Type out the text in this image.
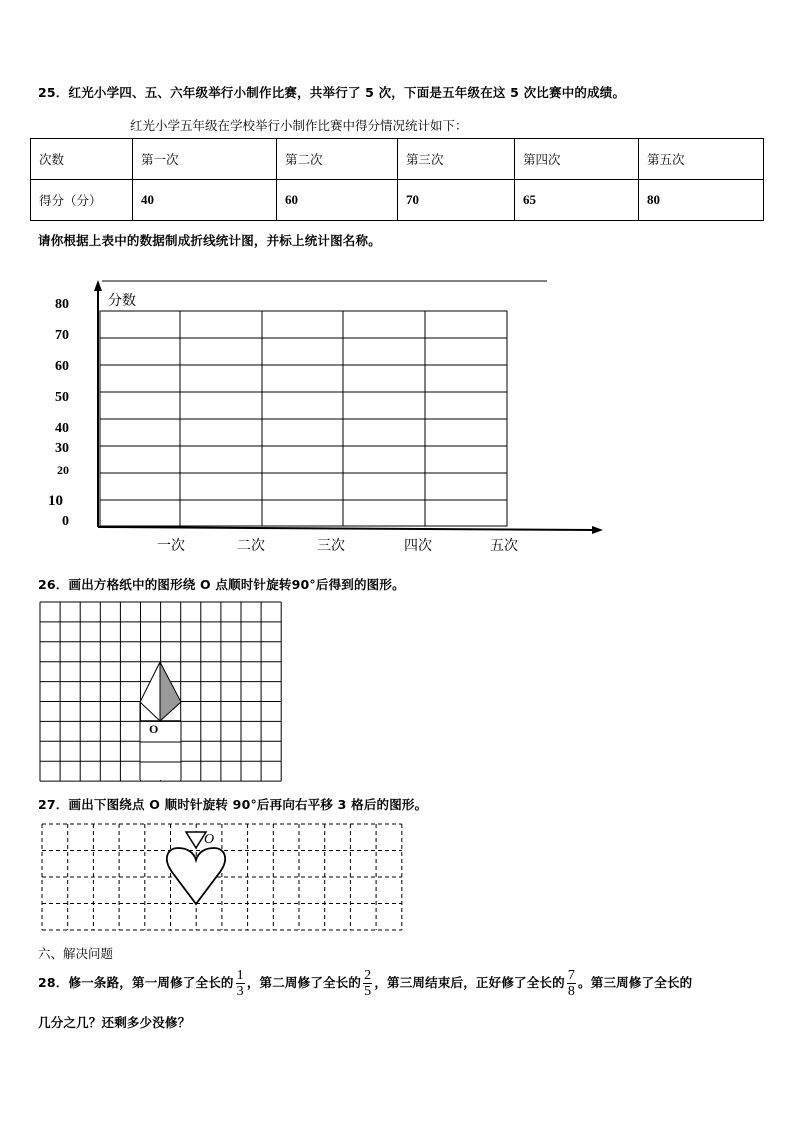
25．红光小学四、五、六年级举行小制作比赛，共举行了 5 次，下面是五年级在这 5 次比赛中的成绩。
红光小学五年级在学校举行小制作比赛中得分情况统计如下：
次数	第一次	第二次	第三次	第四次	第五次
得分（分）	40	60	70	65	80
请你根据上表中的数据制成折线统计图，并标上统计图名称。
分数
80
70
60
50
40
30
20
10
0
一次	二次	三次	四次	五次
26．画出方格纸中的图形绕 O 点顺时针旋转90°后得到的图形。
O
27．画出下图绕点 O 顺时针旋转 90°后再向右平移 3 格后的图形。
O
六、解决问题
28．修一条路，第一周修了全长的 $\frac{1}{3}$ ，第二周修了全长的 $\frac{2}{5}$ ，第三周结束后，正好修了全长的 $\frac{7}{8}$ 。第三周修了全长的
几分之几？还剩多少没修？
